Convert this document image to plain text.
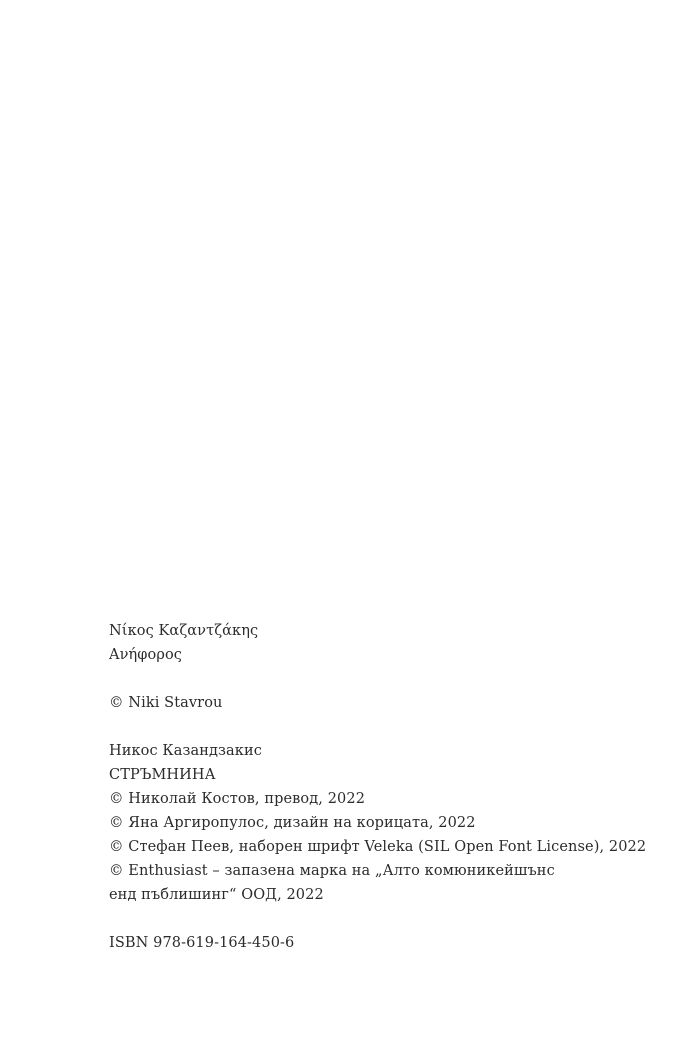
Νίκος Καζαντζάκης

Ανήφορος

© Niki Stavrou

Никос Казандзакис

СТРЪМНИНА

© Николай Костов, превод, 2022

© Яна Аргиропулос, дизайн на корицата, 2022

© Стефан Пеев, наборен шрифт Veleka (SIL Open Font License), 2022

© Enthusiast – запазена марка на „Алто комюникейшънс

енд пъблишинг“ ООД, 2022

ISBN 978-619-164-450-6
